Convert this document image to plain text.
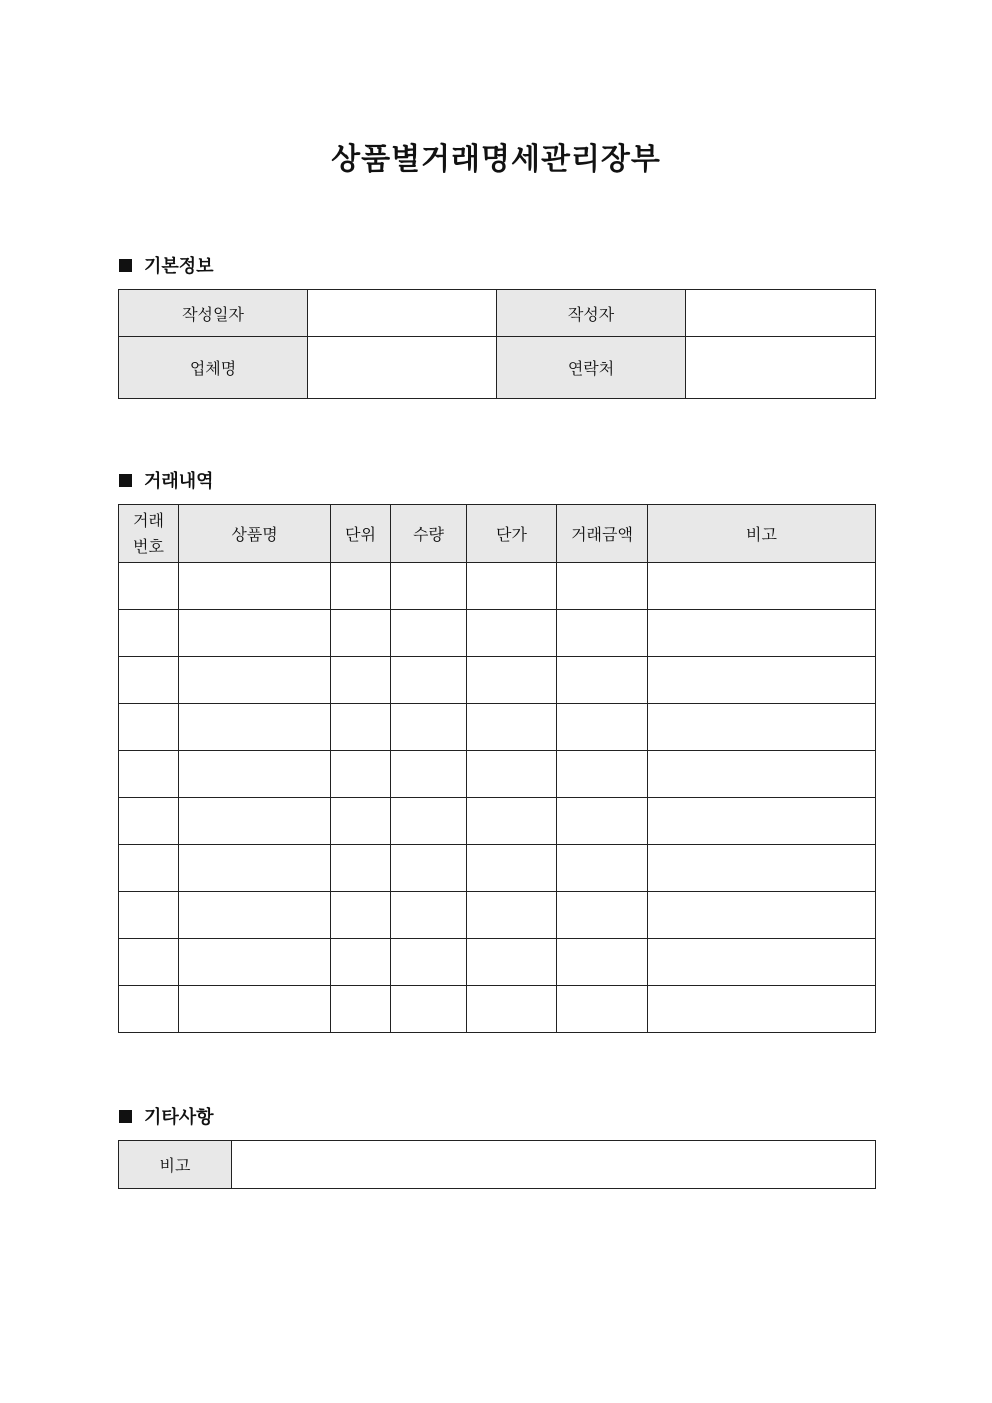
상품별거래명세관리장부
기본정보
작성일자		작성자	
업체명		연락처	
거래내역
거래
번호	상품명	단위	수량	단가	거래금액	비고

기타사항
비고	
